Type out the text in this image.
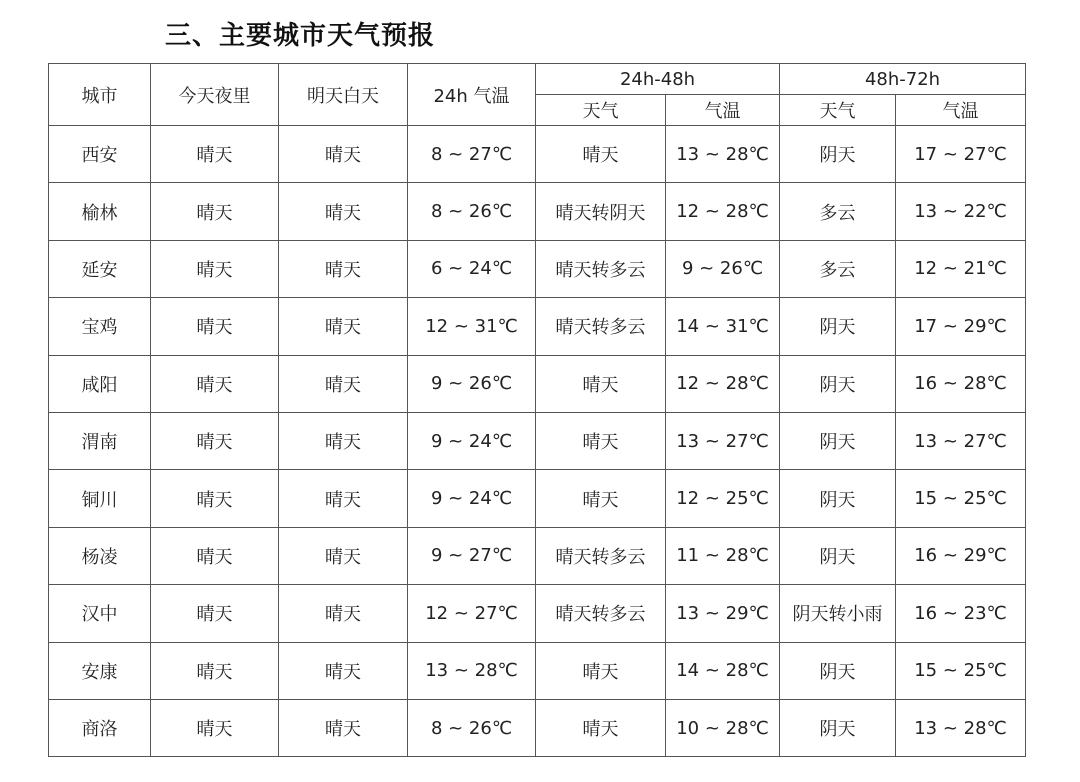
三、主要城市天气预报
城市	今天夜里	明天白天	24h 气温	24h-48h		48h-72h	
				天气	气温	天气	气温
西安	晴天	晴天	8 ~ 27℃	晴天	13 ~ 28℃	阴天	17 ~ 27℃
榆林	晴天	晴天	8 ~ 26℃	晴天转阴天	12 ~ 28℃	多云	13 ~ 22℃
延安	晴天	晴天	6 ~ 24℃	晴天转多云	9 ~ 26℃	多云	12 ~ 21℃
宝鸡	晴天	晴天	12 ~ 31℃	晴天转多云	14 ~ 31℃	阴天	17 ~ 29℃
咸阳	晴天	晴天	9 ~ 26℃	晴天	12 ~ 28℃	阴天	16 ~ 28℃
渭南	晴天	晴天	9 ~ 24℃	晴天	13 ~ 27℃	阴天	13 ~ 27℃
铜川	晴天	晴天	9 ~ 24℃	晴天	12 ~ 25℃	阴天	15 ~ 25℃
杨凌	晴天	晴天	9 ~ 27℃	晴天转多云	11 ~ 28℃	阴天	16 ~ 29℃
汉中	晴天	晴天	12 ~ 27℃	晴天转多云	13 ~ 29℃	阴天转小雨	16 ~ 23℃
安康	晴天	晴天	13 ~ 28℃	晴天	14 ~ 28℃	阴天	15 ~ 25℃
商洛	晴天	晴天	8 ~ 26℃	晴天	10 ~ 28℃	阴天	13 ~ 28℃
